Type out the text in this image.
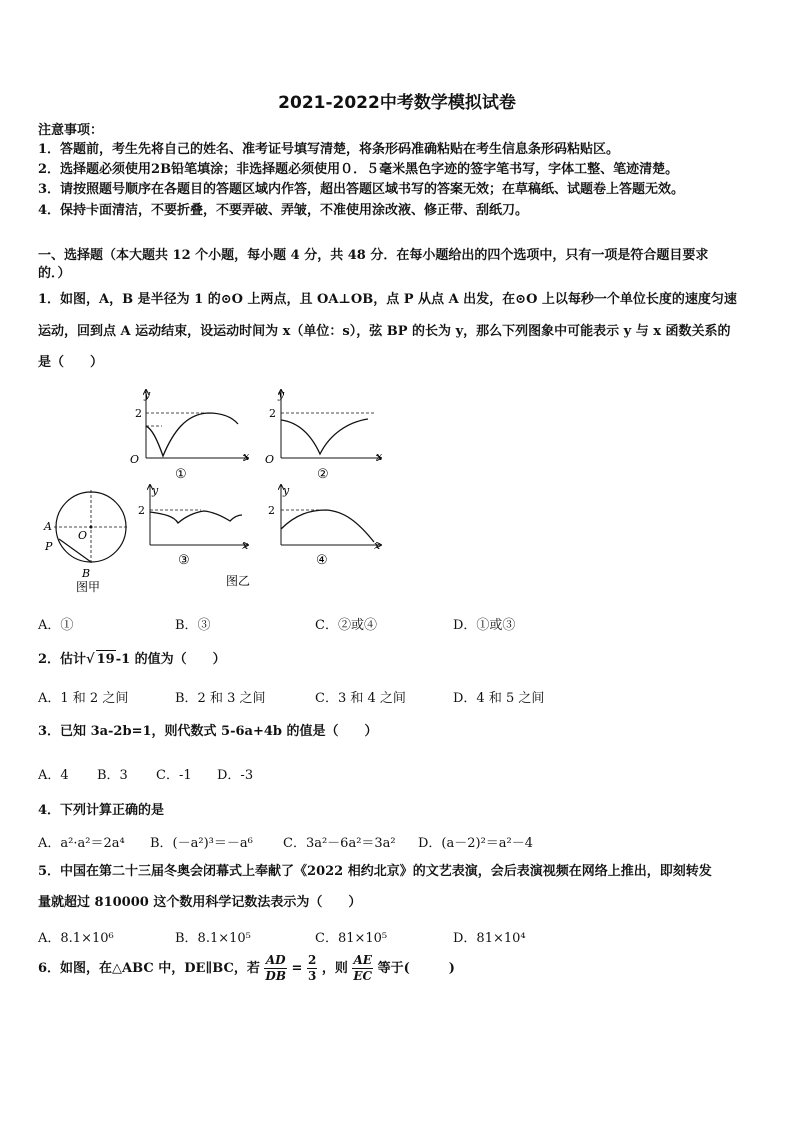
2021-2022中考数学模拟试卷
注意事项：
1．答题前，考生先将自己的姓名、准考证号填写清楚，将条形码准确粘贴在考生信息条形码粘贴区。
2．选择题必须使用2B铅笔填涂；非选择题必须使用０．５毫米黑色字迹的签字笔书写，字体工整、笔迹清楚。
3．请按照题号顺序在各题目的答题区域内作答，超出答题区域书写的答案无效；在草稿纸、试题卷上答题无效。
4．保持卡面清洁，不要折叠，不要弄破、弄皱，不准使用涂改液、修正带、刮纸刀。
一、选择题（本大题共 12 个小题，每小题 4 分，共 48 分．在每小题给出的四个选项中，只有一项是符合题目要求
的．）
1．如图，A，B 是半径为 1 的⊙O 上两点，且 OA⊥OB，点 P 从点 A 出发，在⊙O 上以每秒一个单位长度的速度匀速
运动，回到点 A 运动结束，设运动时间为 x（单位：s），弦 BP 的长为 y，那么下列图象中可能表示 y 与 x 函数关系的
是（　　）
y
2
O	x
①
y
2
O	x
②
A
P
O
B
图甲
y
2
x
③
图乙
y
2
x
④
A．①	B．③	C．②或④	D．①或③
2．估计√ 19-1 的值为（　　）
A．1 和 2 之间	B．2 和 3 之间	C．3 和 4 之间	D．4 和 5 之间
3．已知 3a-2b=1，则代数式 5-6a+4b 的值是（　　）
A．4 B．3 C．-1 D．-3
4．下列计算正确的是
A．a²·a²＝2a⁴ B．(－a²)³＝－a⁶ C．3a²－6a²＝3a² D．(a－2)²＝a²－4
5．中国在第二十三届冬奥会闭幕式上奉献了《2022 相约北京》的文艺表演，会后表演视频在网络上推出，即刻转发
量就超过 810000 这个数用科学记数法表示为（　　）
A．8.1×10⁶	B．8.1×10⁵	C．81×10⁵	D．81×10⁴
6．如图，在△ABC 中，DE∥BC，若 $\frac{AD}{DB} = \frac{2}{3}$ ，则 $\frac{AE}{EC}$ 等于(　　　)
